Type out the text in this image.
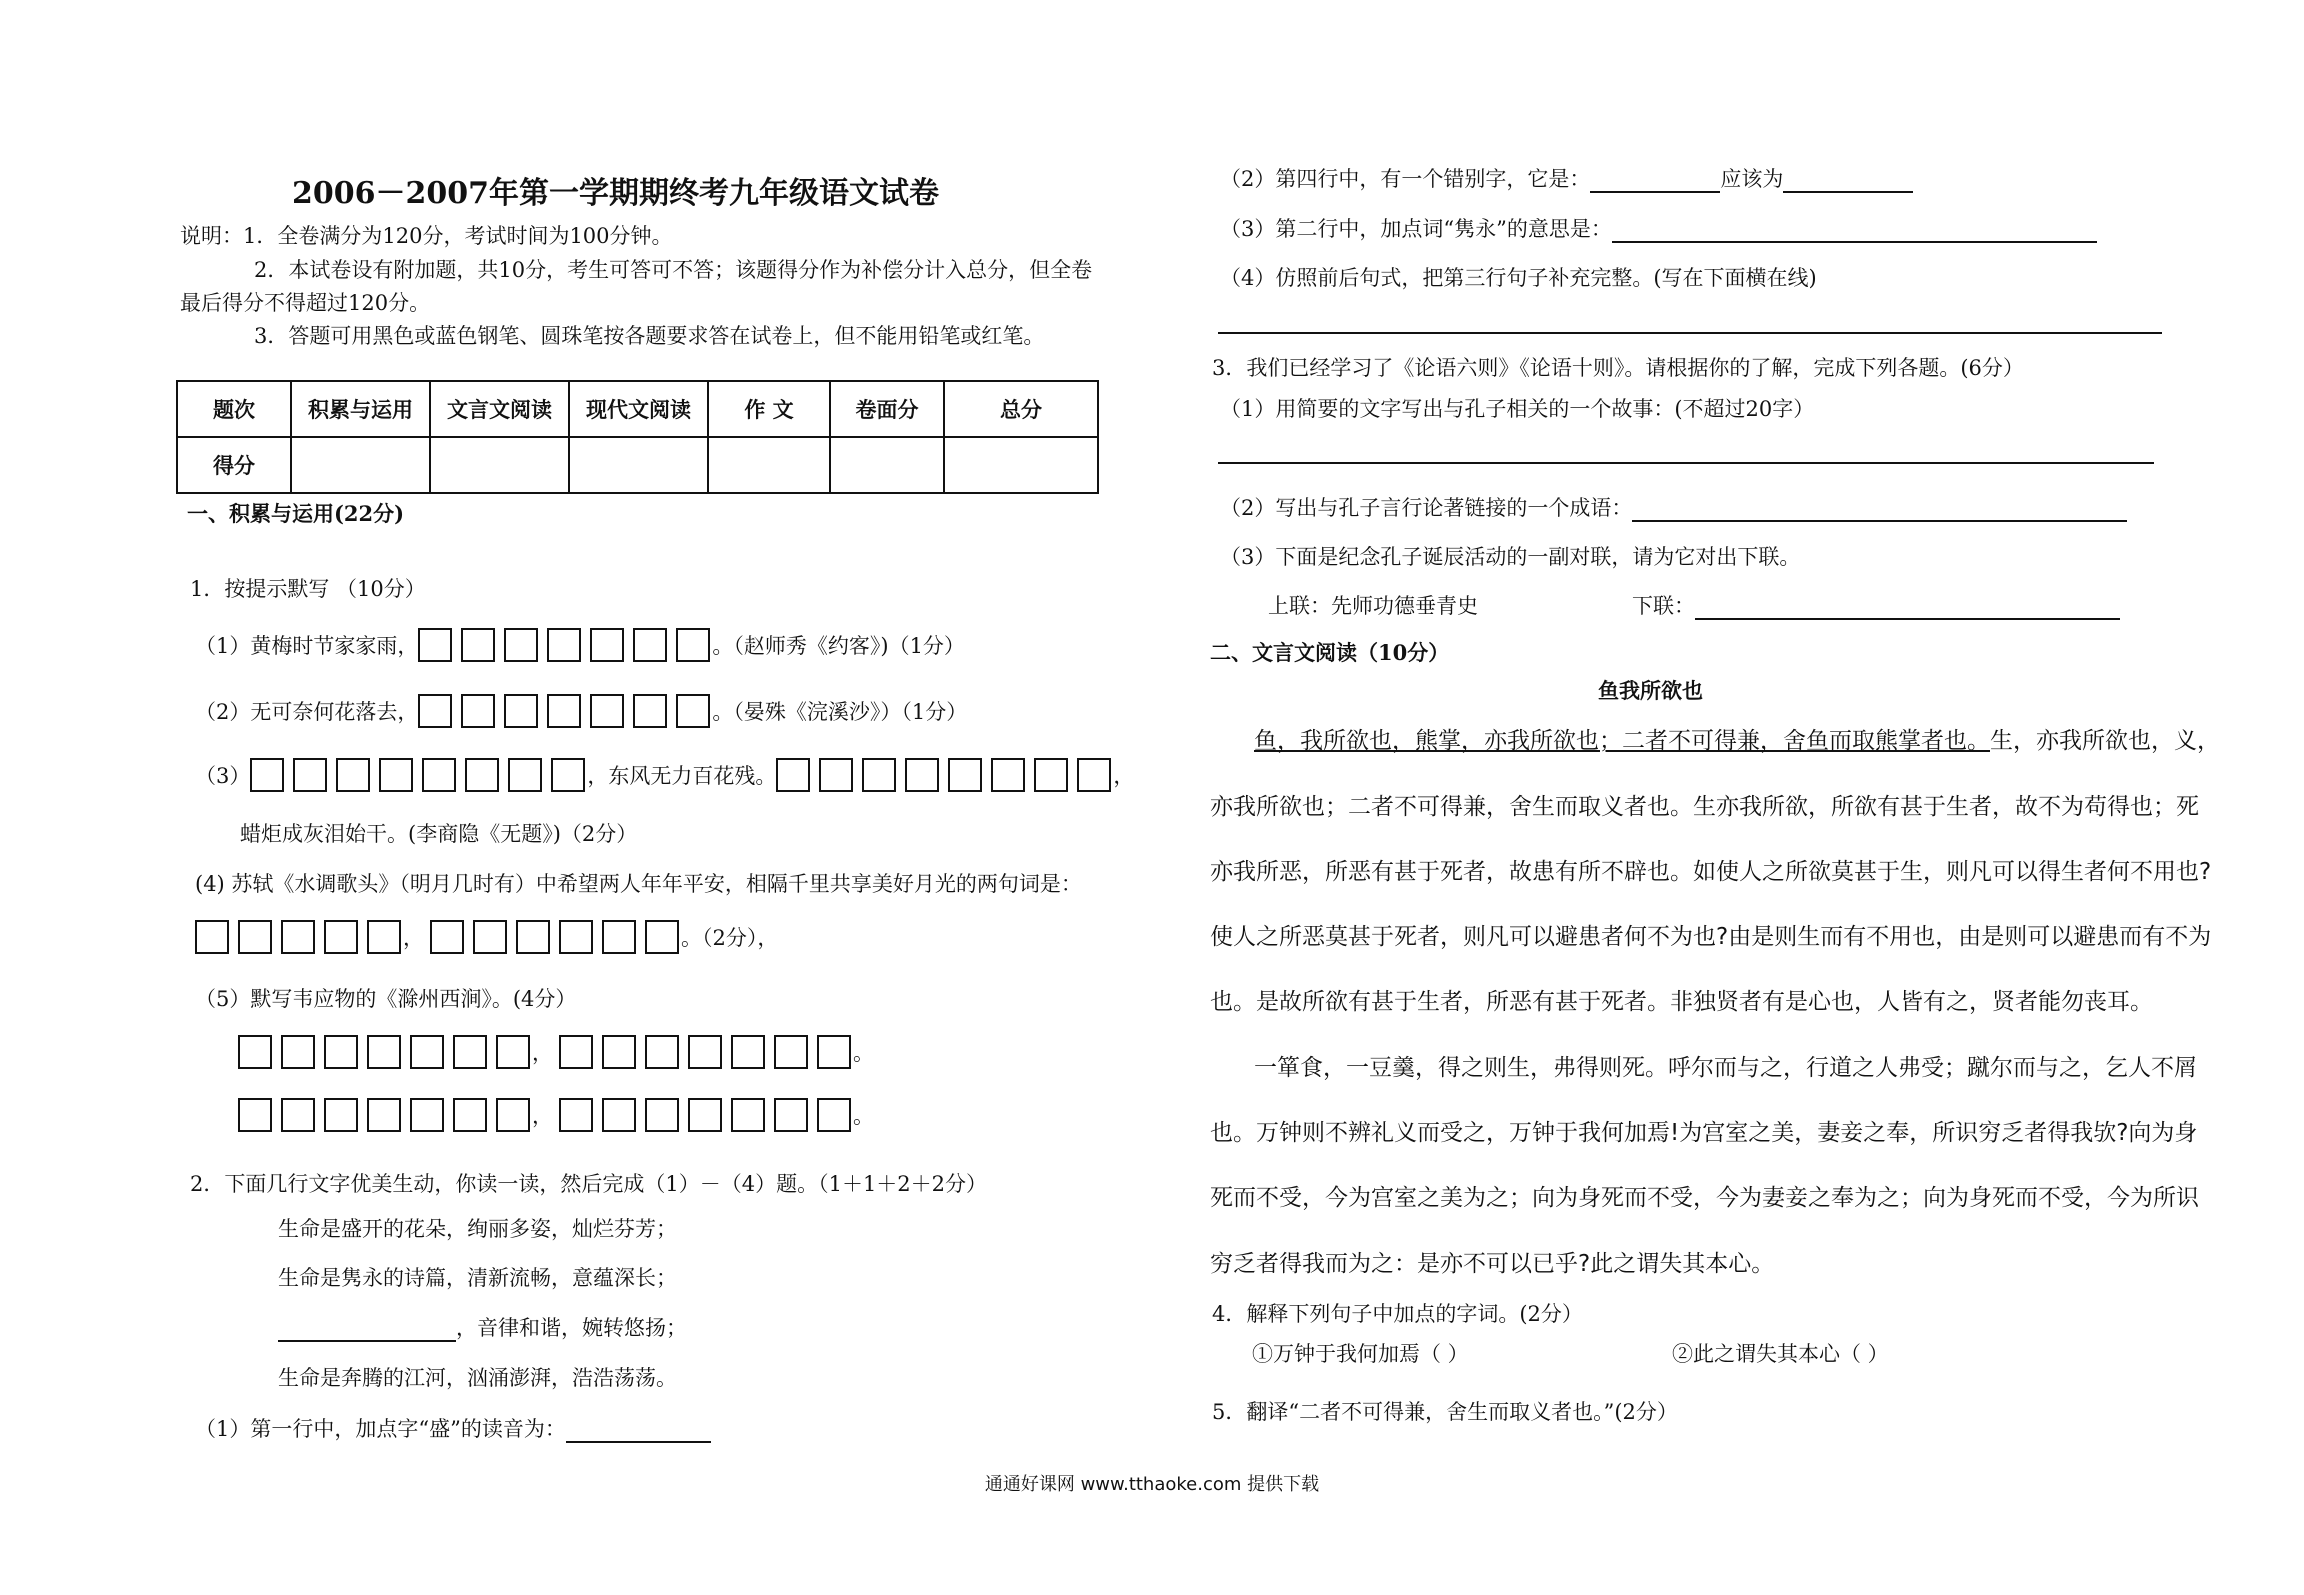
2006－2007年第一学期期终考九年级语文试卷
说明：1．全卷满分为120分，考试时间为100分钟。
2．本试卷设有附加题，共10分，考生可答可不答；该题得分作为补偿分计入总分，但全卷
最后得分不得超过120分。
3．答题可用黑色或蓝色钢笔、圆珠笔按各题要求答在试卷上，但不能用铅笔或红笔。
题次	积累与运用	文言文阅读	现代文阅读	作 文	卷面分	总分
得分						
一、积累与运用(22分)
1．按提示默写 （10分）
（1）黄梅时节家家雨，	。（赵师秀《约客》)（1分）
（2）无可奈何花落去，	。（晏殊《浣溪沙》）（1分）
（3）	，东风无力百花残。	，
蜡炬成灰泪始干。(李商隐《无题》)（2分）
(4) 苏轼《水调歌头》（明月几时有）中希望两人年年平安，相隔千里共享美好月光的两句词是：
，	。（2分），
（5）默写韦应物的《滁州西涧》。(4分）
，	。
，	。
2．下面几行文字优美生动，你读一读，然后完成（1）－（4）题。（1＋1＋2＋2分）
生命是盛开的花朵，绚丽多姿，灿烂芬芳；
生命是隽永的诗篇，清新流畅，意蕴深长；
，音律和谐，婉转悠扬；
生命是奔腾的江河，汹涌澎湃，浩浩荡荡。
（1）第一行中，加点字“盛”的读音为：
（2）第四行中，有一个错别字，它是：	应该为
（3）第二行中，加点词“隽永”的意思是：
（4）仿照前后句式，把第三行句子补充完整。(写在下面横在线)
3．我们已经学习了《论语六则》《论语十则》。请根据你的了解，完成下列各题。(6分）
（1）用简要的文字写出与孔子相关的一个故事：(不超过20字）
（2）写出与孔子言行论著链接的一个成语：
（3）下面是纪念孔子诞辰活动的一副对联，请为它对出下联。
上联：先师功德垂青史	下联：
二、文言文阅读（10分）
鱼我所欲也
鱼，我所欲也，熊掌，亦我所欲也；二者不可得兼，舍鱼而取熊掌者也。生，亦我所欲也，义，
亦我所欲也；二者不可得兼，舍生而取义者也。生亦我所欲，所欲有甚于生者，故不为苟得也；死
亦我所恶，所恶有甚于死者，故患有所不辟也。如使人之所欲莫甚于生，则凡可以得生者何不用也?
使人之所恶莫甚于死者，则凡可以避患者何不为也?由是则生而有不用也，由是则可以避患而有不为
也。是故所欲有甚于生者，所恶有甚于死者。非独贤者有是心也，人皆有之，贤者能勿丧耳。
一箪食，一豆羹，得之则生，弗得则死。呼尔而与之，行道之人弗受；蹴尔而与之，乞人不屑
也。万钟则不辨礼义而受之，万钟于我何加焉!为宫室之美，妻妾之奉，所识穷乏者得我欤?向为身
死而不受，今为宫室之美为之；向为身死而不受，今为妻妾之奉为之；向为身死而不受，今为所识
穷乏者得我而为之：是亦不可以已乎?此之谓失其本心。
4．解释下列句子中加点的字词。(2分）
①万钟于我何加焉（ ）	②此之谓失其本心（ ）
5．翻译“二者不可得兼，舍生而取义者也。”(2分）
通通好课网 www.tthaoke.com 提供下载
